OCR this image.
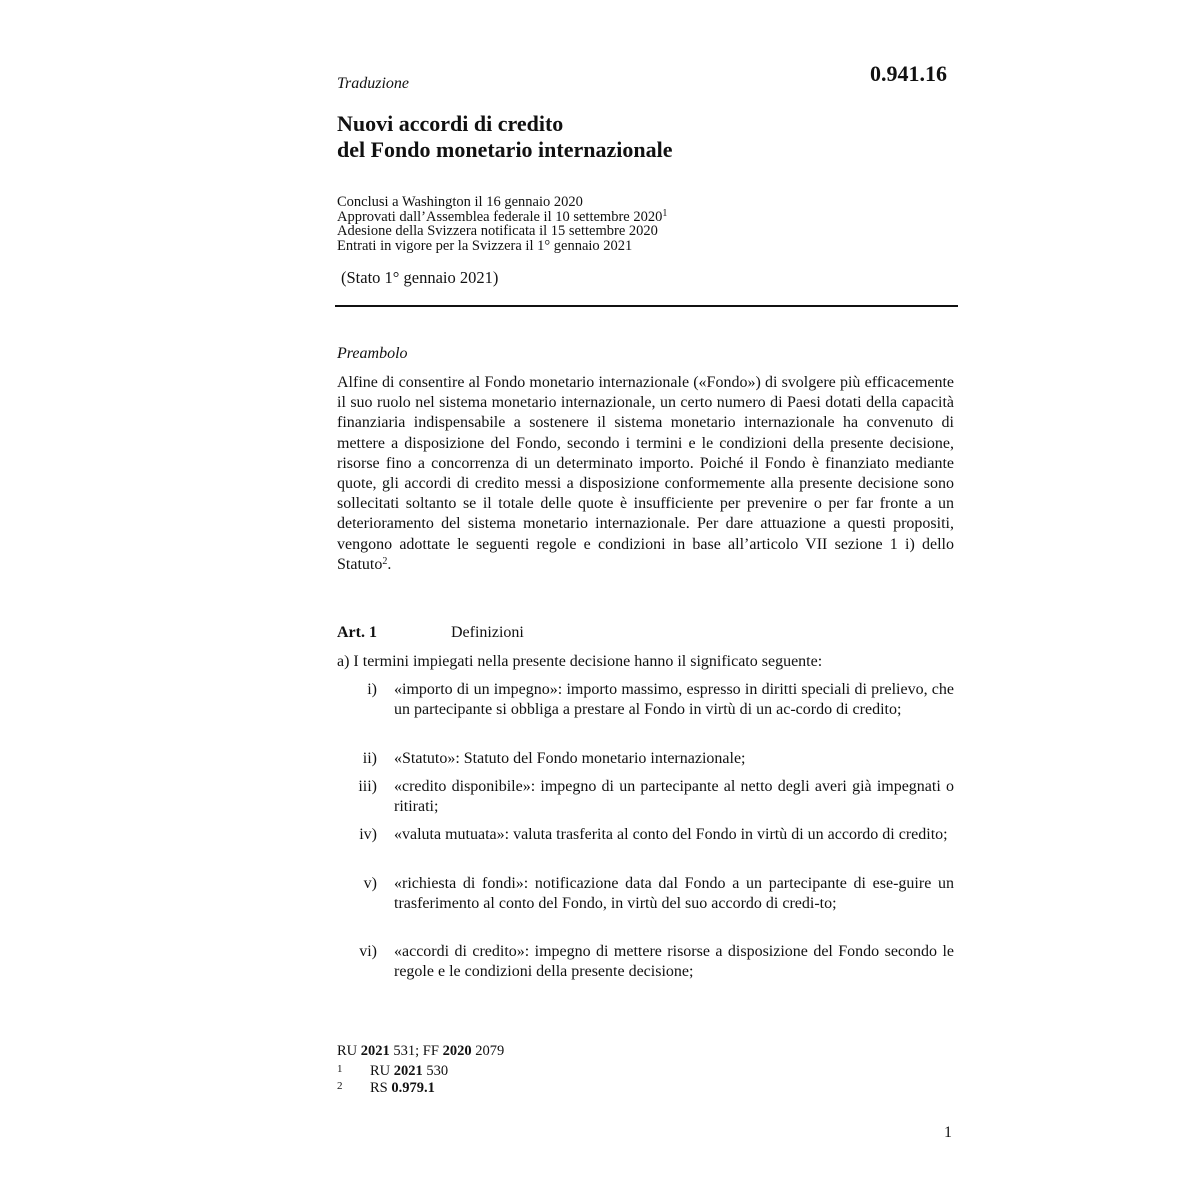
Traduzione	0.941.16
Nuovi accordi di credito
del Fondo monetario internazionale
Conclusi a Washington il 16 gennaio 2020
Approvati dall’Assemblea federale il 10 settembre 2020$^1$
Adesione della Svizzera notificata il 15 settembre 2020
Entrati in vigore per la Svizzera il 1° gennaio 2021
(Stato 1° gennaio 2021)
Preambolo
Alfine di consentire al Fondo monetario internazionale («Fondo») di svolgere più efficacemente il suo ruolo nel sistema monetario internazionale, un certo numero di Paesi dotati della capacità finanziaria indispensabile a sostenere il sistema monetario internazionale ha convenuto di mettere a disposizione del Fondo, secondo i termini e le condizioni della presente decisione, risorse fino a concorrenza di un determinato importo. Poiché il Fondo è finanziato mediante quote, gli accordi di credito messi a disposizione conformemente alla presente decisione sono sollecitati soltanto se il totale delle quote è insufficiente per prevenire o per far fronte a un deterioramento del sistema monetario internazionale. Per dare attuazione a questi propositi, vengono adottate le seguenti regole e condizioni in base all’articolo VII sezione 1 i) dello Statuto$^2$.
Art. 1	Definizioni
a) I termini impiegati nella presente decisione hanno il significato seguente:
i) «importo di un impegno»: importo massimo, espresso in diritti speciali di prelievo, che un partecipante si obbliga a prestare al Fondo in virtù di un ac-cordo di credito;
ii) «Statuto»: Statuto del Fondo monetario internazionale;
iii) «credito disponibile»: impegno di un partecipante al netto degli averi già impegnati o ritirati;
iv) «valuta mutuata»: valuta trasferita al conto del Fondo in virtù di un accordo di credito;
v) «richiesta di fondi»: notificazione data dal Fondo a un partecipante di ese-guire un trasferimento al conto del Fondo, in virtù del suo accordo di credi-to;
vi) «accordi di credito»: impegno di mettere risorse a disposizione del Fondo secondo le regole e le condizioni della presente decisione;
RU 2021 531; FF 2020 2079
1 RU 2021 530
2 RS 0.979.1
1
